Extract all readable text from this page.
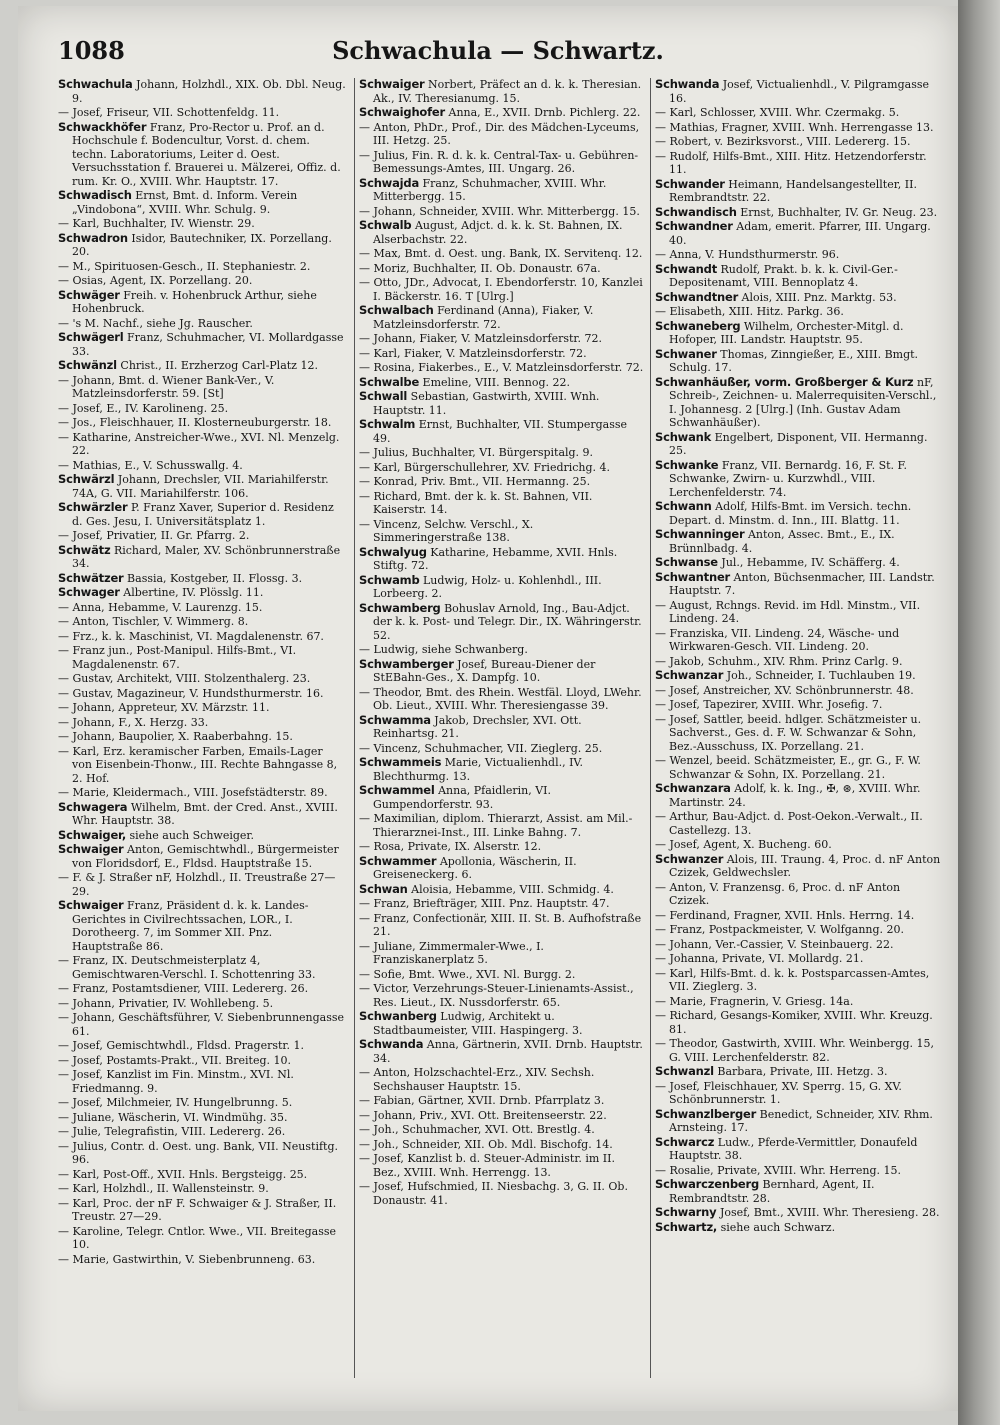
1088	Schwachula — Schwartz.
Schwachula Johann, Holzhdl., XIX. Ob. Dbl. Neug. 9.
— Josef, Friseur, VII. Schottenfeldg. 11.
Schwackhöfer Franz, Pro-Rector u. Prof. an d. Hochschule f. Bodencultur, Vorst. d. chem. techn. Laboratoriums, Leiter d. Oest. Versuchsstation f. Brauerei u. Mälzerei, Offiz. d. rum. Kr. O., XVIII. Whr. Hauptstr. 17.
Schwadisch Ernst, Bmt. d. Inform. Verein „Vindobona“, XVIII. Whr. Schulg. 9.
— Karl, Buchhalter, IV. Wienstr. 29.
Schwadron Isidor, Bautechniker, IX. Porzellang. 20.
— M., Spirituosen-Gesch., II. Stephaniestr. 2.
— Osias, Agent, IX. Porzellang. 20.
Schwäger Freih. v. Hohenbruck Arthur, siehe Hohenbruck.
— 's M. Nachf., siehe Jg. Rauscher.
Schwägerl Franz, Schuhmacher, VI. Mollardgasse 33.
Schwänzl Christ., II. Erzherzog Carl-Platz 12.
— Johann, Bmt. d. Wiener Bank-Ver., V. Matzleinsdorferstr. 59. [St]
— Josef, E., IV. Karolineng. 25.
— Jos., Fleischhauer, II. Klosterneuburgerstr. 18.
— Katharine, Anstreicher-Wwe., XVI. Nl. Menzelg. 22.
— Mathias, E., V. Schusswallg. 4.
Schwärzl Johann, Drechsler, VII. Mariahilferstr. 74A, G. VII. Mariahilferstr. 106.
Schwärzler P. Franz Xaver, Superior d. Residenz d. Ges. Jesu, I. Universitätsplatz 1.
— Josef, Privatier, II. Gr. Pfarrg. 2.
Schwätz Richard, Maler, XV. Schönbrunnerstraße 34.
Schwätzer Bassia, Kostgeber, II. Flossg. 3.
Schwager Albertine, IV. Plösslg. 11.
— Anna, Hebamme, V. Laurenzg. 15.
— Anton, Tischler, V. Wimmerg. 8.
— Frz., k. k. Maschinist, VI. Magdalenenstr. 67.
— Franz jun., Post-Manipul. Hilfs-Bmt., VI. Magdalenenstr. 67.
— Gustav, Architekt, VIII. Stolzenthalerg. 23.
— Gustav, Magazineur, V. Hundsthurmerstr. 16.
— Johann, Appreteur, XV. Märzstr. 11.
— Johann, F., X. Herzg. 33.
— Johann, Baupolier, X. Raaberbahng. 15.
— Karl, Erz. keramischer Farben, Emails-Lager von Eisenbein-Thonw., III. Rechte Bahngasse 8, 2. Hof.
— Marie, Kleidermach., VIII. Josefstädterstr. 89.
Schwagera Wilhelm, Bmt. der Cred. Anst., XVIII. Whr. Hauptstr. 38.
Schwaiger, siehe auch Schweiger.
Schwaiger Anton, Gemischtwhdl., Bürgermeister von Floridsdorf, E., Fldsd. Hauptstraße 15.
— F. & J. Straßer nF, Holzhdl., II. Treustraße 27—29.
Schwaiger Franz, Präsident d. k. k. Landes-Gerichtes in Civilrechtssachen, LOR., I. Dorotheerg. 7, im Sommer XII. Pnz. Hauptstraße 86.
— Franz, IX. Deutschmeisterplatz 4, Gemischtwaren-Verschl. I. Schottenring 33.
— Franz, Postamtsdiener, VIII. Ledererg. 26.
— Johann, Privatier, IV. Wohllebeng. 5.
— Johann, Geschäftsführer, V. Siebenbrunnengasse 61.
— Josef, Gemischtwhdl., Fldsd. Pragerstr. 1.
— Josef, Postamts-Prakt., VII. Breiteg. 10.
— Josef, Kanzlist im Fin. Minstm., XVI. Nl. Friedmanng. 9.
— Josef, Milchmeier, IV. Hungelbrunng. 5.
— Juliane, Wäscherin, VI. Windmühg. 35.
— Julie, Telegrafistin, VIII. Ledererg. 26.
— Julius, Contr. d. Oest. ung. Bank, VII. Neustiftg. 96.
— Karl, Post-Off., XVII. Hnls. Bergsteigg. 25.
— Karl, Holzhdl., II. Wallensteinstr. 9.
— Karl, Proc. der nF F. Schwaiger & J. Straßer, II. Treustr. 27—29.
— Karoline, Telegr. Cntlor. Wwe., VII. Breitegasse 10.
— Marie, Gastwirthin, V. Siebenbrunneng. 63.
Schwaiger Norbert, Präfect an d. k. k. Theresian. Ak., IV. Theresianumg. 15.
Schwaighofer Anna, E., XVII. Drnb. Pichlerg. 22.
— Anton, PhDr., Prof., Dir. des Mädchen-Lyceums, III. Hetzg. 25.
— Julius, Fin. R. d. k. k. Central-Tax- u. Gebühren-Bemessungs-Amtes, III. Ungarg. 26.
Schwajda Franz, Schuhmacher, XVIII. Whr. Mitterbergg. 15.
— Johann, Schneider, XVIII. Whr. Mitterbergg. 15.
Schwalb August, Adjct. d. k. k. St. Bahnen, IX. Alserbachstr. 22.
— Max, Bmt. d. Oest. ung. Bank, IX. Servitenq. 12.
— Moriz, Buchhalter, II. Ob. Donaustr. 67a.
— Otto, JDr., Advocat, I. Ebendorferstr. 10, Kanzlei I. Bäckerstr. 16. T [Ulrg.]
Schwalbach Ferdinand (Anna), Fiaker, V. Matzleinsdorferstr. 72.
— Johann, Fiaker, V. Matzleinsdorferstr. 72.
— Karl, Fiaker, V. Matzleinsdorferstr. 72.
— Rosina, Fiakerbes., E., V. Matzleinsdorferstr. 72.
Schwalbe Emeline, VIII. Bennog. 22.
Schwall Sebastian, Gastwirth, XVIII. Wnh. Hauptstr. 11.
Schwalm Ernst, Buchhalter, VII. Stumpergasse 49.
— Julius, Buchhalter, VI. Bürgerspitalg. 9.
— Karl, Bürgerschullehrer, XV. Friedrichg. 4.
— Konrad, Priv. Bmt., VII. Hermanng. 25.
— Richard, Bmt. der k. k. St. Bahnen, VII. Kaiserstr. 14.
— Vincenz, Selchw. Verschl., X. Simmeringerstraße 138.
Schwalyug Katharine, Hebamme, XVII. Hnls. Stiftg. 72.
Schwamb Ludwig, Holz- u. Kohlenhdl., III. Lorbeerg. 2.
Schwamberg Bohuslav Arnold, Ing., Bau-Adjct. der k. k. Post- und Telegr. Dir., IX. Währingerstr. 52.
— Ludwig, siehe Schwanberg.
Schwamberger Josef, Bureau-Diener der StEBahn-Ges., X. Dampfg. 10.
— Theodor, Bmt. des Rhein. Westfäl. Lloyd, LWehr. Ob. Lieut., XVIII. Whr. Theresiengasse 39.
Schwamma Jakob, Drechsler, XVI. Ott. Reinhartsg. 21.
— Vincenz, Schuhmacher, VII. Zieglerg. 25.
Schwammeis Marie, Victualienhdl., IV. Blechthurmg. 13.
Schwammel Anna, Pfaidlerin, VI. Gumpendorferstr. 93.
— Maximilian, diplom. Thierarzt, Assist. am Mil.-Thierarznei-Inst., III. Linke Bahng. 7.
— Rosa, Private, IX. Alserstr. 12.
Schwammer Apollonia, Wäscherin, II. Greiseneckerg. 6.
Schwan Aloisia, Hebamme, VIII. Schmidg. 4.
— Franz, Briefträger, XIII. Pnz. Hauptstr. 47.
— Franz, Confectionär, XIII. II. St. B. Aufhofstraße 21.
— Juliane, Zimmermaler-Wwe., I. Franziskanerplatz 5.
— Sofie, Bmt. Wwe., XVI. Nl. Burgg. 2.
— Victor, Verzehrungs-Steuer-Linienamts-Assist., Res. Lieut., IX. Nussdorferstr. 65.
Schwanberg Ludwig, Architekt u. Stadtbaumeister, VIII. Haspingerg. 3.
Schwanda Anna, Gärtnerin, XVII. Drnb. Hauptstr. 34.
— Anton, Holzschachtel-Erz., XIV. Sechsh. Sechshauser Hauptstr. 15.
— Fabian, Gärtner, XVII. Drnb. Pfarrplatz 3.
— Johann, Priv., XVI. Ott. Breitenseerstr. 22.
— Joh., Schuhmacher, XVI. Ott. Brestlg. 4.
— Joh., Schneider, XII. Ob. Mdl. Bischofg. 14.
— Josef, Kanzlist b. d. Steuer-Administr. im II. Bez., XVIII. Wnh. Herrengg. 13.
— Josef, Hufschmied, II. Niesbachg. 3, G. II. Ob. Donaustr. 41.
Schwanda Josef, Victualienhdl., V. Pilgramgasse 16.
— Karl, Schlosser, XVIII. Whr. Czermakg. 5.
— Mathias, Fragner, XVIII. Wnh. Herrengasse 13.
— Robert, v. Bezirksvorst., VIII. Ledererg. 15.
— Rudolf, Hilfs-Bmt., XIII. Hitz. Hetzendorferstr. 11.
Schwander Heimann, Handelsangestellter, II. Rembrandtstr. 22.
Schwandisch Ernst, Buchhalter, IV. Gr. Neug. 23.
Schwandner Adam, emerit. Pfarrer, III. Ungarg. 40.
— Anna, V. Hundsthurmerstr. 96.
Schwandt Rudolf, Prakt. b. k. k. Civil-Ger.-Depositenamt, VIII. Bennoplatz 4.
Schwandtner Alois, XIII. Pnz. Marktg. 53.
— Elisabeth, XIII. Hitz. Parkg. 36.
Schwaneberg Wilhelm, Orchester-Mitgl. d. Hofoper, III. Landstr. Hauptstr. 95.
Schwaner Thomas, Zinngießer, E., XIII. Bmgt. Schulg. 17.
Schwanhäußer, vorm. Großberger & Kurz nF, Schreib-, Zeichnen- u. Malerrequisiten-Verschl., I. Johannesg. 2 [Ulrg.] (Inh. Gustav Adam Schwanhäußer).
Schwank Engelbert, Disponent, VII. Hermanng. 25.
Schwanke Franz, VII. Bernardg. 16, F. St. F. Schwanke, Zwirn- u. Kurzwhdl., VIII. Lerchenfelderstr. 74.
Schwann Adolf, Hilfs-Bmt. im Versich. techn. Depart. d. Minstm. d. Inn., III. Blattg. 11.
Schwanninger Anton, Assec. Bmt., E., IX. Brünnlbadg. 4.
Schwanse Jul., Hebamme, IV. Schäfferg. 4.
Schwantner Anton, Büchsenmacher, III. Landstr. Hauptstr. 7.
— August, Rchngs. Revid. im Hdl. Minstm., VII. Lindeng. 24.
— Franziska, VII. Lindeng. 24, Wäsche- und Wirkwaren-Gesch. VII. Lindeng. 20.
— Jakob, Schuhm., XIV. Rhm. Prinz Carlg. 9.
Schwanzar Joh., Schneider, I. Tuchlauben 19.
— Josef, Anstreicher, XV. Schönbrunnerstr. 48.
— Josef, Tapezirer, XVIII. Whr. Josefig. 7.
— Josef, Sattler, beeid. hdlger. Schätzmeister u. Sachverst., Ges. d. F. W. Schwanzar & Sohn, Bez.-Ausschuss, IX. Porzellang. 21.
— Wenzel, beeid. Schätzmeister, E., gr. G., F. W. Schwanzar & Sohn, IX. Porzellang. 21.
Schwanzara Adolf, k. k. Ing., ✠, ⊛, XVIII. Whr. Martinstr. 24.
— Arthur, Bau-Adjct. d. Post-Oekon.-Verwalt., II. Castellezg. 13.
— Josef, Agent, X. Bucheng. 60.
Schwanzer Alois, III. Traung. 4, Proc. d. nF Anton Czizek, Geldwechsler.
— Anton, V. Franzensg. 6, Proc. d. nF Anton Czizek.
— Ferdinand, Fragner, XVII. Hnls. Herrng. 14.
— Franz, Postpackmeister, V. Wolfganng. 20.
— Johann, Ver.-Cassier, V. Steinbauerg. 22.
— Johanna, Private, VI. Mollardg. 21.
— Karl, Hilfs-Bmt. d. k. k. Postsparcassen-Amtes, VII. Zieglerg. 3.
— Marie, Fragnerin, V. Griesg. 14a.
— Richard, Gesangs-Komiker, XVIII. Whr. Kreuzg. 81.
— Theodor, Gastwirth, XVIII. Whr. Weinbergg. 15, G. VIII. Lerchenfelderstr. 82.
Schwanzl Barbara, Private, III. Hetzg. 3.
— Josef, Fleischhauer, XV. Sperrg. 15, G. XV. Schönbrunnerstr. 1.
Schwanzlberger Benedict, Schneider, XIV. Rhm. Arnsteing. 17.
Schwarcz Ludw., Pferde-Vermittler, Donaufeld Hauptstr. 38.
— Rosalie, Private, XVIII. Whr. Herreng. 15.
Schwarczenberg Bernhard, Agent, II. Rembrandtstr. 28.
Schwarny Josef, Bmt., XVIII. Whr. Theresieng. 28.
Schwartz, siehe auch Schwarz.
